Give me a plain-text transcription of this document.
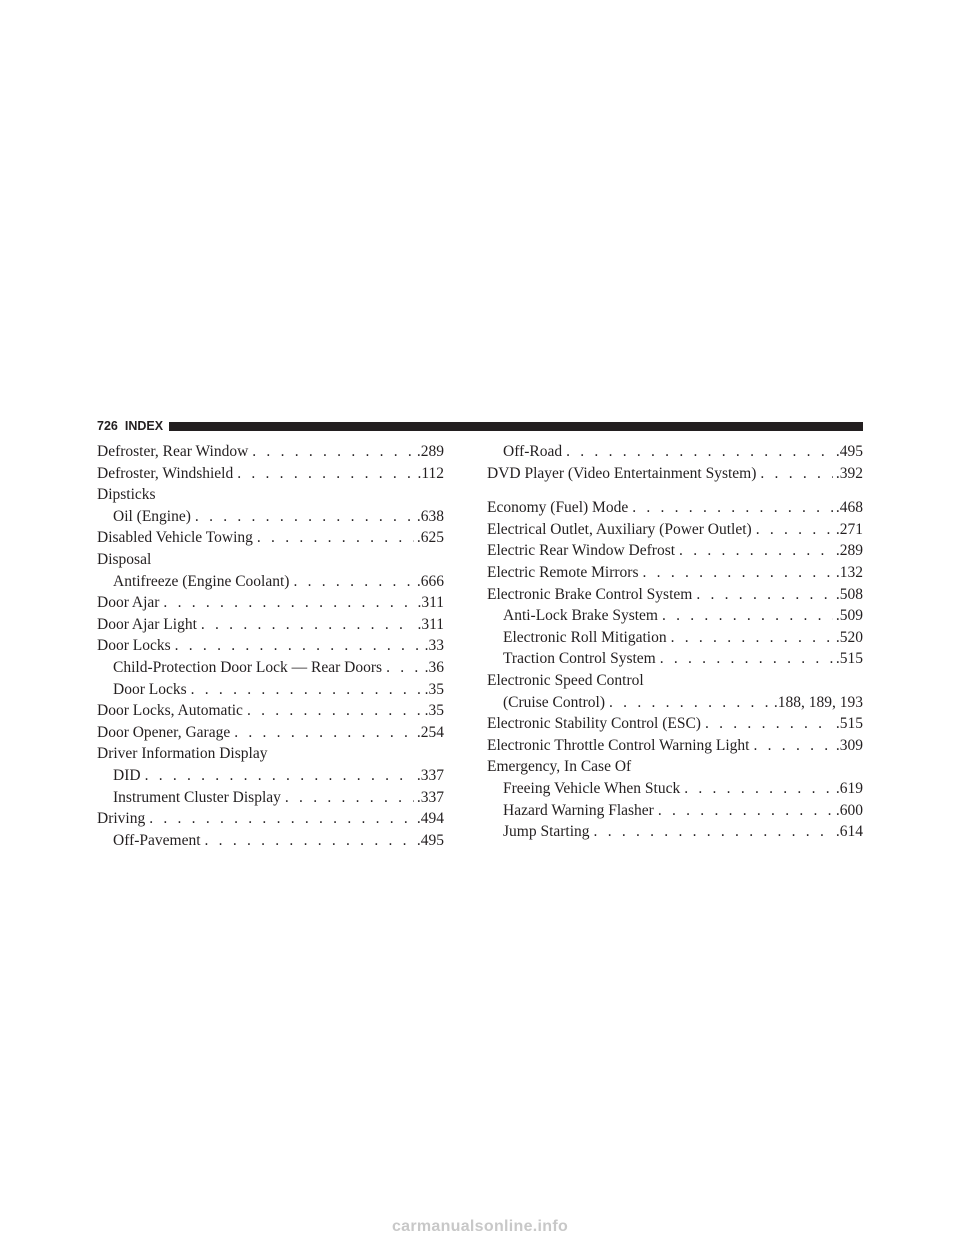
726 INDEX
Defroster, Rear Window . . .	.289
Defroster, Windshield . . .	.112
Dipsticks
Oil (Engine) . . .	.638
Disabled Vehicle Towing . . .	.625
Disposal
Antifreeze (Engine Coolant) . . .	.666
Door Ajar . . .	.311
Door Ajar Light . . .	.311
Door Locks . . .	.33
Child-Protection Door Lock — Rear Doors . . .	.36
Door Locks . . .	.35
Door Locks, Automatic . . .	.35
Door Opener, Garage . . .	.254
Driver Information Display
DID . . .	.337
Instrument Cluster Display . . .	.337
Driving . . .	.494
Off-Pavement . . .	.495
Off-Road . . .	.495
DVD Player (Video Entertainment System) . . .	.392
Economy (Fuel) Mode . . .	.468
Electrical Outlet, Auxiliary (Power Outlet) . . .	.271
Electric Rear Window Defrost . . .	.289
Electric Remote Mirrors . . .	.132
Electronic Brake Control System . . .	.508
Anti-Lock Brake System . . .	.509
Electronic Roll Mitigation . . .	.520
Traction Control System . . .	.515
Electronic Speed Control
(Cruise Control) . . .	.188, 189, 193
Electronic Stability Control (ESC) . . .	.515
Electronic Throttle Control Warning Light . . .	.309
Emergency, In Case Of
Freeing Vehicle When Stuck . . .	.619
Hazard Warning Flasher . . .	.600
Jump Starting . . .	.614
carmanualsonline.info
